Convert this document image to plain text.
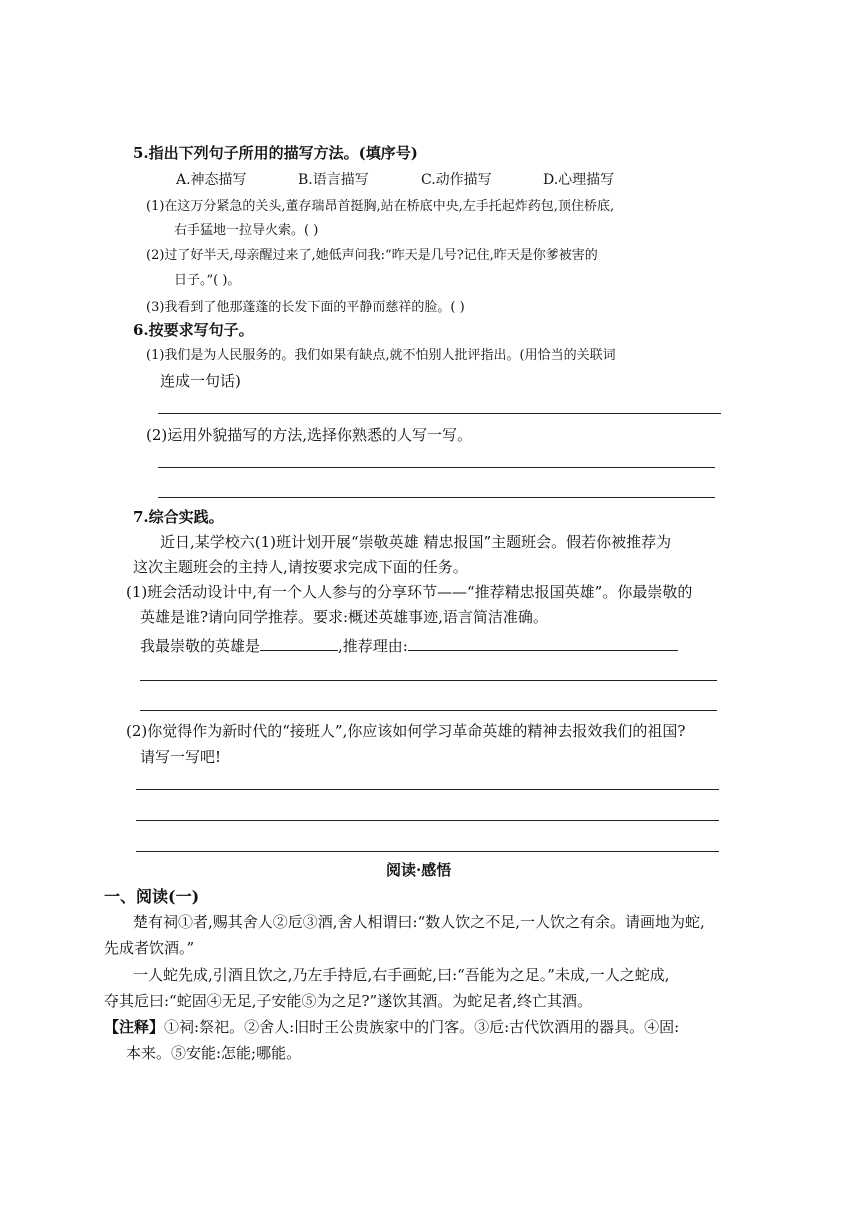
5.指出下列句子所用的描写方法。(填序号)
A.神态描写	B.语言描写	C.动作描写	D.心理描写
(1)在这万分紧急的关头,董存瑞昂首挺胸,站在桥底中央,左手托起炸药包,顶住桥底,
右手猛地一拉导火索。( )
(2)过了好半天,母亲醒过来了,她低声问我:“昨天是几号?记住,昨天是你爹被害的
日子。”( )。
(3)我看到了他那蓬蓬的长发下面的平静而慈祥的脸。( )
6.按要求写句子。
(1)我们是为人民服务的。我们如果有缺点,就不怕别人批评指出。(用恰当的关联词
连成一句话)
(2)运用外貌描写的方法,选择你熟悉的人写一写。
7.综合实践。
近日,某学校六(1)班计划开展“崇敬英雄 精忠报国”主题班会。假若你被推荐为
这次主题班会的主持人,请按要求完成下面的任务。
(1)班会活动设计中,有一个人人参与的分享环节——“推荐精忠报国英雄”。你最崇敬的
英雄是谁?请向同学推荐。要求:概述英雄事迹,语言简洁准确。
我最崇敬的英雄是	,推荐理由:
(2)你觉得作为新时代的“接班人”,你应该如何学习革命英雄的精神去报效我们的祖国?
请写一写吧!
阅读·感悟
一、阅读(一)
楚有祠①者,赐其舍人②卮③酒,舍人相谓曰:“数人饮之不足,一人饮之有余。请画地为蛇,
先成者饮酒。”
一人蛇先成,引酒且饮之,乃左手持卮,右手画蛇,曰:“吾能为之足。”未成,一人之蛇成,
夺其卮曰:“蛇固④无足,子安能⑤为之足?”遂饮其酒。为蛇足者,终亡其酒。
【注释】①祠:祭祀。②舍人:旧时王公贵族家中的门客。③卮:古代饮酒用的器具。④固:
本来。⑤安能:怎能;哪能。
